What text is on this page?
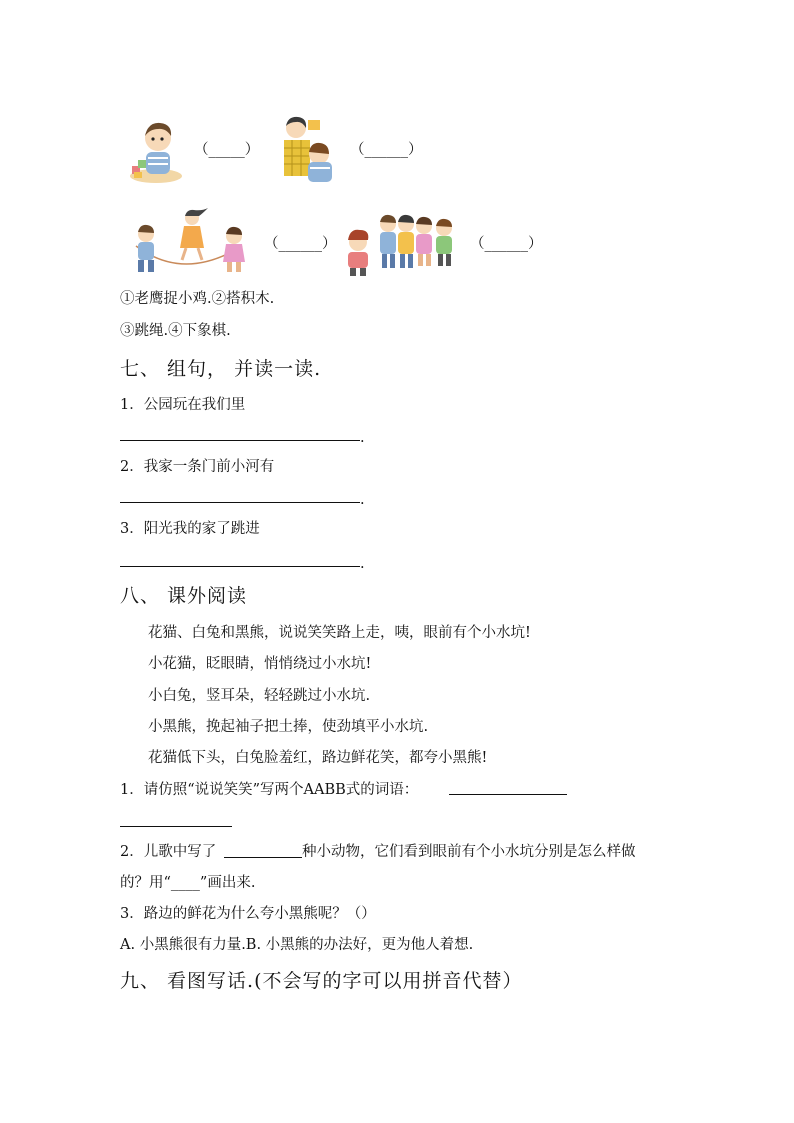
（_____）	（______）
（______）	（______）
①老鹰捉小鸡.②搭积木.
③跳绳.④下象棋.
七、 组句， 并读一读.
1．公园玩在我们里
.
2．我家一条门前小河有
.
3．阳光我的家了跳进
.
八、 课外阅读
花猫、白兔和黑熊，说说笑笑路上走，咦，眼前有个小水坑!
小花猫，眨眼睛，悄悄绕过小水坑!
小白兔，竖耳朵，轻轻跳过小水坑.
小黑熊，挽起袖子把土捧，使劲填平小水坑.
花猫低下头，白兔脸羞红，路边鲜花笑，都夸小黑熊!
1．请仿照“说说笑笑”写两个AABB式的词语：
2．儿歌中写了	种小动物，它们看到眼前有个小水坑分别是怎么样做
的？用“____”画出来.
3．路边的鲜花为什么夸小黑熊呢？（）
A. 小黑熊很有力量.B. 小黑熊的办法好，更为他人着想.
九、 看图写话.(不会写的字可以用拼音代替）
